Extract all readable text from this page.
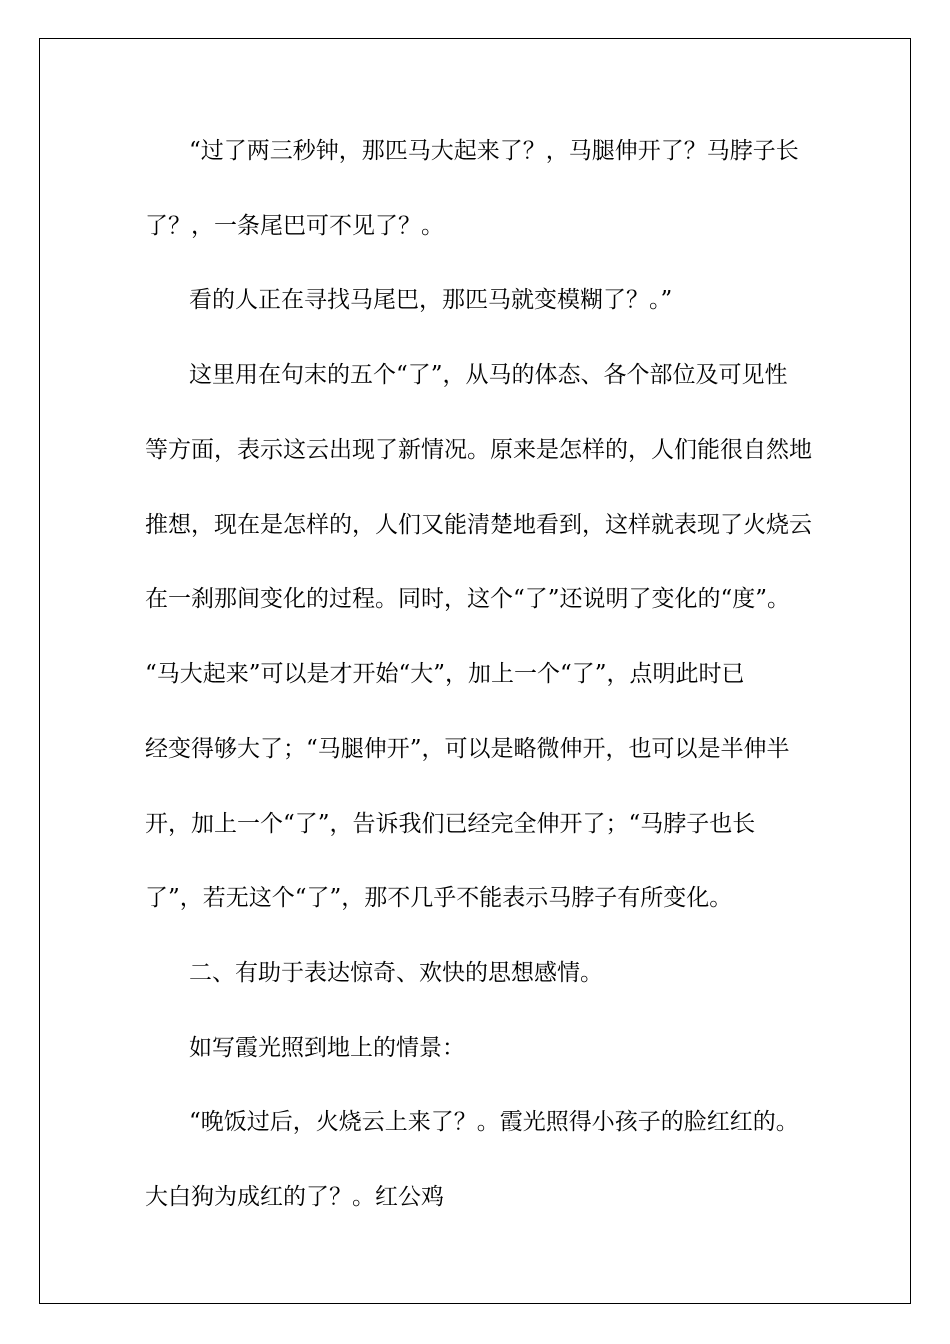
“过了两三秒钟，那匹马大起来了？，马腿伸开了？马脖子长
了？，一条尾巴可不见了？。
看的人正在寻找马尾巴，那匹马就变模糊了？。”
这里用在句末的五个“了”，从马的体态、各个部位及可见性
等方面，表示这云出现了新情况。原来是怎样的，人们能很自然地
推想，现在是怎样的，人们又能清楚地看到，这样就表现了火烧云
在一刹那间变化的过程。同时，这个“了”还说明了变化的“度”。
“马大起来”可以是才开始“大”，加上一个“了”，点明此时已
经变得够大了；“马腿伸开”，可以是略微伸开，也可以是半伸半
开，加上一个“了”，告诉我们已经完全伸开了；“马脖子也长
了”，若无这个“了”，那不几乎不能表示马脖子有所变化。
二、有助于表达惊奇、欢快的思想感情。
如写霞光照到地上的情景：
“晚饭过后，火烧云上来了？。霞光照得小孩子的脸红红的。
大白狗为成红的了？。红公鸡
